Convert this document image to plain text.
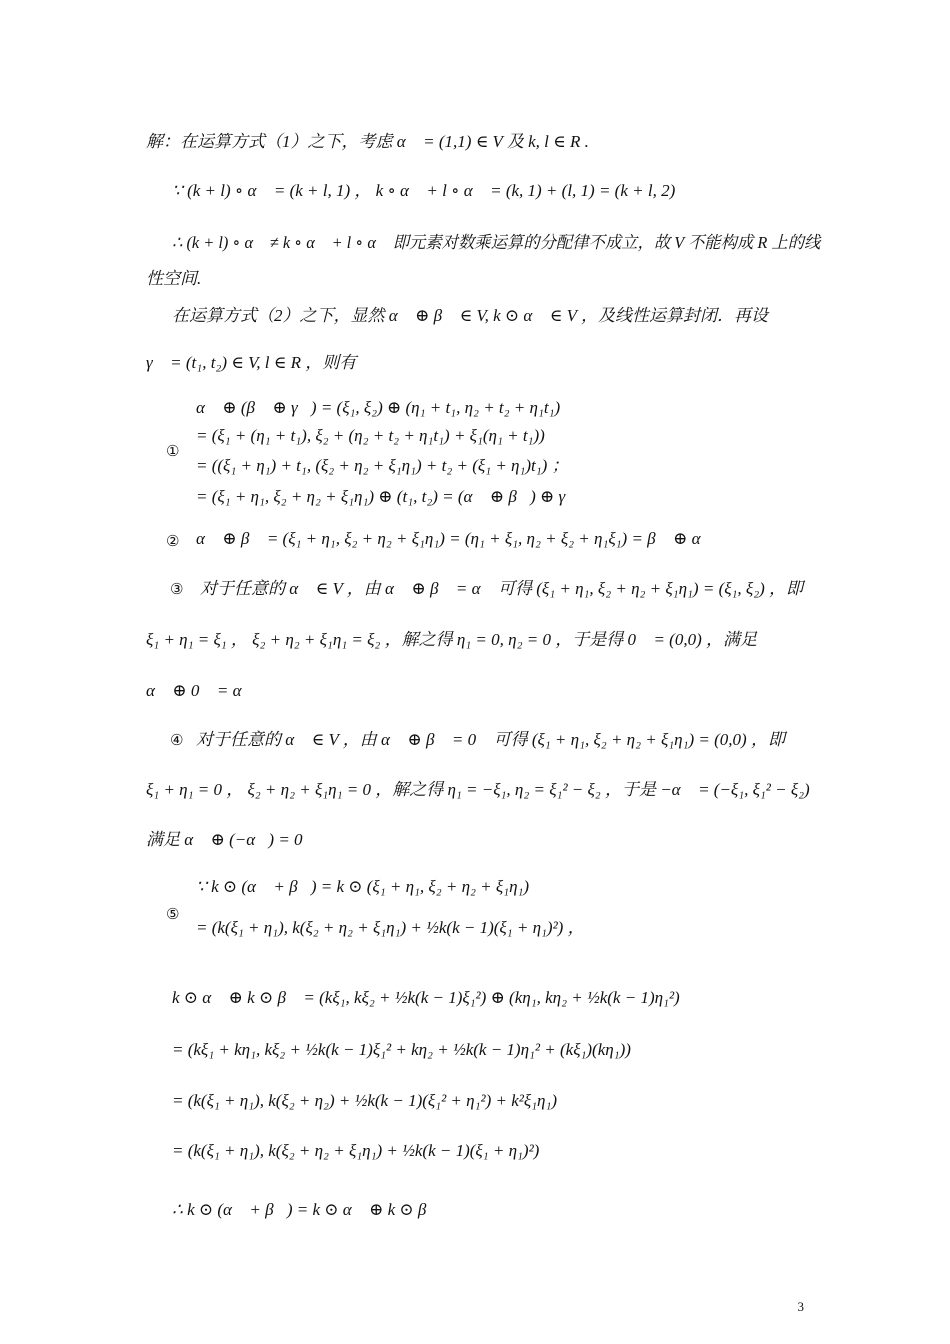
解：在运算方式（1）之下，考虑 α⃗ = (1,1) ∈ V 及 k, l ∈ R .
∵ (k + l) ∘ α⃗ = (k + l, 1) ， k ∘ α⃗ + l ∘ α⃗ = (k, 1) + (l, 1) = (k + l, 2)
∴ (k + l) ∘ α⃗ ≠ k ∘ α⃗ + l ∘ α⃗ 即元素对数乘运算的分配律不成立，故 V 不能构成 R 上的线
性空间.
在运算方式（2）之下，显然 α⃗ ⊕ β⃗ ∈ V, k ⊙ α⃗ ∈ V ，及线性运算封闭．再设
γ⃗ = (t₁, t₂) ∈ V, l ∈ R ，则有
①
α⃗ ⊕ (β⃗ ⊕ γ⃗) = (ξ₁, ξ₂) ⊕ (η₁ + t₁, η₂ + t₂ + η₁t₁)
= (ξ₁ + (η₁ + t₁), ξ₂ + (η₂ + t₂ + η₁t₁) + ξ₁(η₁ + t₁))
= ((ξ₁ + η₁) + t₁, (ξ₂ + η₂ + ξ₁η₁) + t₂ + (ξ₁ + η₁)t₁) ；
= (ξ₁ + η₁, ξ₂ + η₂ + ξ₁η₁) ⊕ (t₁, t₂) = (α⃗ ⊕ β⃗) ⊕ γ⃗
② α⃗ ⊕ β⃗ = (ξ₁ + η₁, ξ₂ + η₂ + ξ₁η₁) = (η₁ + ξ₁, η₂ + ξ₂ + η₁ξ₁) = β⃗ ⊕ α⃗ ；
③ 对于任意的 α⃗ ∈ V ，由 α⃗ ⊕ β⃗ = α⃗ 可得 (ξ₁ + η₁, ξ₂ + η₂ + ξ₁η₁) = (ξ₁, ξ₂) ，即
ξ₁ + η₁ = ξ₁ ， ξ₂ + η₂ + ξ₁η₁ = ξ₂ ，解之得 η₁ = 0, η₂ = 0 ，于是得 0⃗ = (0,0) ，满足
α⃗ ⊕ 0⃗ = α⃗ ；
④ 对于任意的 α⃗ ∈ V ，由 α⃗ ⊕ β⃗ = 0⃗ 可得 (ξ₁ + η₁, ξ₂ + η₂ + ξ₁η₁) = (0,0) ，即
ξ₁ + η₁ = 0 ， ξ₂ + η₂ + ξ₁η₁ = 0 ，解之得 η₁ = −ξ₁, η₂ = ξ₁² − ξ₂ ，于是 −α⃗ = (−ξ₁, ξ₁² − ξ₂)
满足 α⃗ ⊕ (−α⃗) = 0⃗ ；
⑤
∵ k ⊙ (α⃗ + β⃗) = k ⊙ (ξ₁ + η₁, ξ₂ + η₂ + ξ₁η₁)
= (k(ξ₁ + η₁), k(ξ₂ + η₂ + ξ₁η₁) + ½k(k − 1)(ξ₁ + η₁)²) ，
k ⊙ α⃗ ⊕ k ⊙ β⃗ = (kξ₁, kξ₂ + ½k(k − 1)ξ₁²) ⊕ (kη₁, kη₂ + ½k(k − 1)η₁²)
= (kξ₁ + kη₁, kξ₂ + ½k(k − 1)ξ₁² + kη₂ + ½k(k − 1)η₁² + (kξ₁)(kη₁))
= (k(ξ₁ + η₁), k(ξ₂ + η₂) + ½k(k − 1)(ξ₁² + η₁²) + k²ξ₁η₁)
= (k(ξ₁ + η₁), k(ξ₂ + η₂ + ξ₁η₁) + ½k(k − 1)(ξ₁ + η₁)²)
∴ k ⊙ (α⃗ + β⃗) = k ⊙ α⃗ ⊕ k ⊙ β⃗ ；
3
